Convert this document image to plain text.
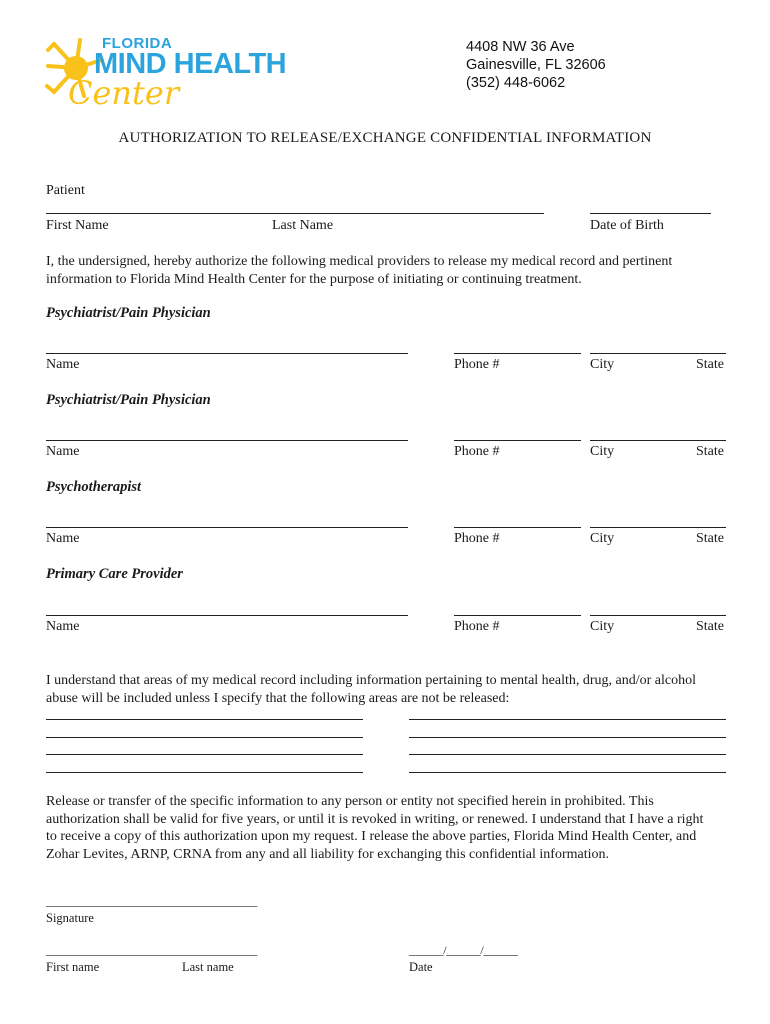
FLORIDA
MIND HEALTH
Center
4408 NW 36 Ave
Gainesville, FL 32606
(352) 448-6062
AUTHORIZATION TO RELEASE/EXCHANGE CONFIDENTIAL INFORMATION
Patient
First Name	Last Name	Date of Birth
I, the undersigned, hereby authorize the following medical providers to release my medical record and pertinent information to Florida Mind Health Center for the purpose of initiating or continuing treatment.
Psychiatrist/Pain Physician
Name	Phone #	City	State
Psychiatrist/Pain Physician
Name	Phone #	City	State
Psychotherapist
Name	Phone #	City	State
Primary Care Provider
Name	Phone #	City	State
I understand that areas of my medical record including information pertaining to mental health, drug, and/or alcohol abuse will be included unless I specify that the following areas are not be released:
Release or transfer of the specific information to any person or entity not specified herein in prohibited. This authorization shall be valid for five years, or until it is revoked in writing, or renewed. I understand that I have a right to receive a copy of this authorization upon my request. I release the above parties, Florida Mind Health Center, and Zohar Levites, ARNP, CRNA from any and all liability for exchanging this confidential information.
_____________________________________
Signature
_____________________________________
First name	Last name
______/______/______
Date
